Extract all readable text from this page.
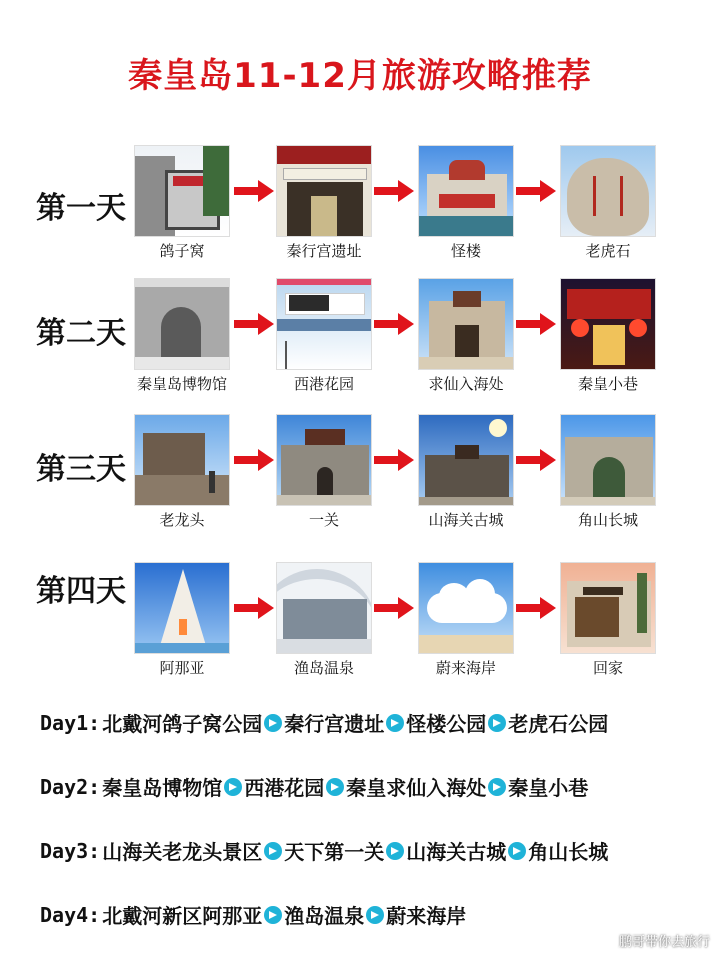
秦皇岛11-12月旅游攻略推荐
第一天
鸽子窝	秦行宫遗址	怪楼	老虎石
第二天
秦皇岛博物馆	西港花园	求仙入海处	秦皇小巷
第三天
老龙头	一关	山海关古城	角山长城
第四天
阿那亚	渔岛温泉	蔚来海岸	回家
Day1: 北戴河鸽子窝公园 秦行宫遗址 怪楼公园 老虎石公园
Day2: 秦皇岛博物馆 西港花园 秦皇求仙入海处 秦皇小巷
Day3: 山海关老龙头景区 天下第一关 山海关古城 角山长城
Day4: 北戴河新区阿那亚 渔岛温泉 蔚来海岸
鹏哥带你去旅行
